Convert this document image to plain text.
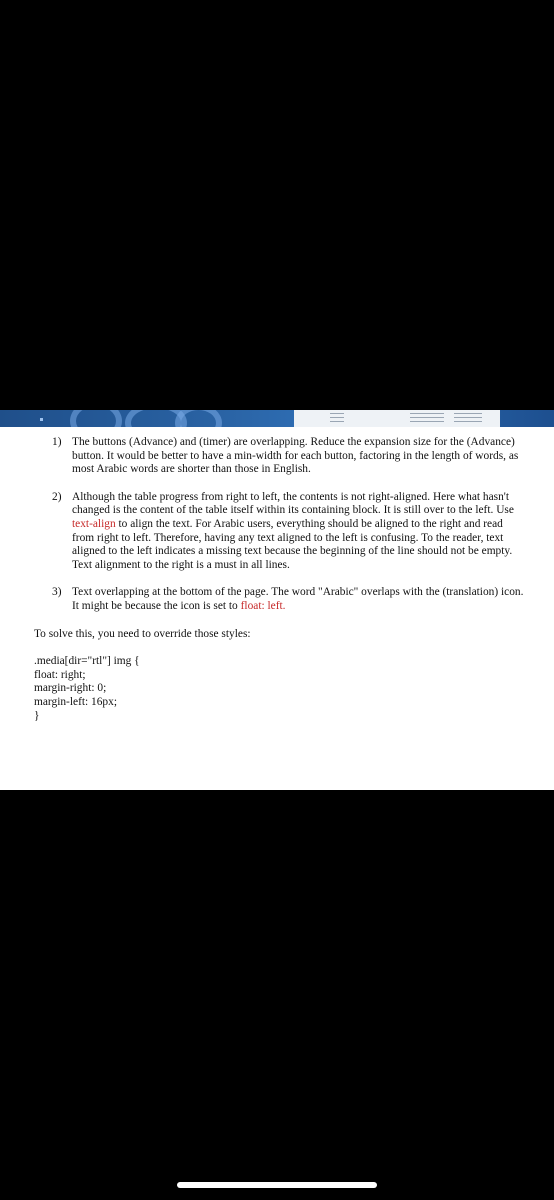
1) The buttons (Advance) and (timer) are overlapping. Reduce the expansion size for the (Advance) button. It would be better to have a min-width for each button, factoring in the length of words, as most Arabic words are shorter than those in English.
2) Although the table progress from right to left, the contents is not right-aligned. Here what hasn't changed is the content of the table itself within its containing block. It is still over to the left. Use text-align to align the text. For Arabic users, everything should be aligned to the right and read from right to left. Therefore, having any text aligned to the left is confusing. To the reader, text aligned to the left indicates a missing text because the beginning of the line should not be empty. Text alignment to the right is a must in all lines.
3) Text overlapping at the bottom of the page. The word "Arabic" overlaps with the (translation) icon. It might be because the icon is set to float: left.

To solve this, you need to override those styles:

.media[dir="rtl"] img {
float: right;
margin-right: 0;
margin-left: 16px;
}
